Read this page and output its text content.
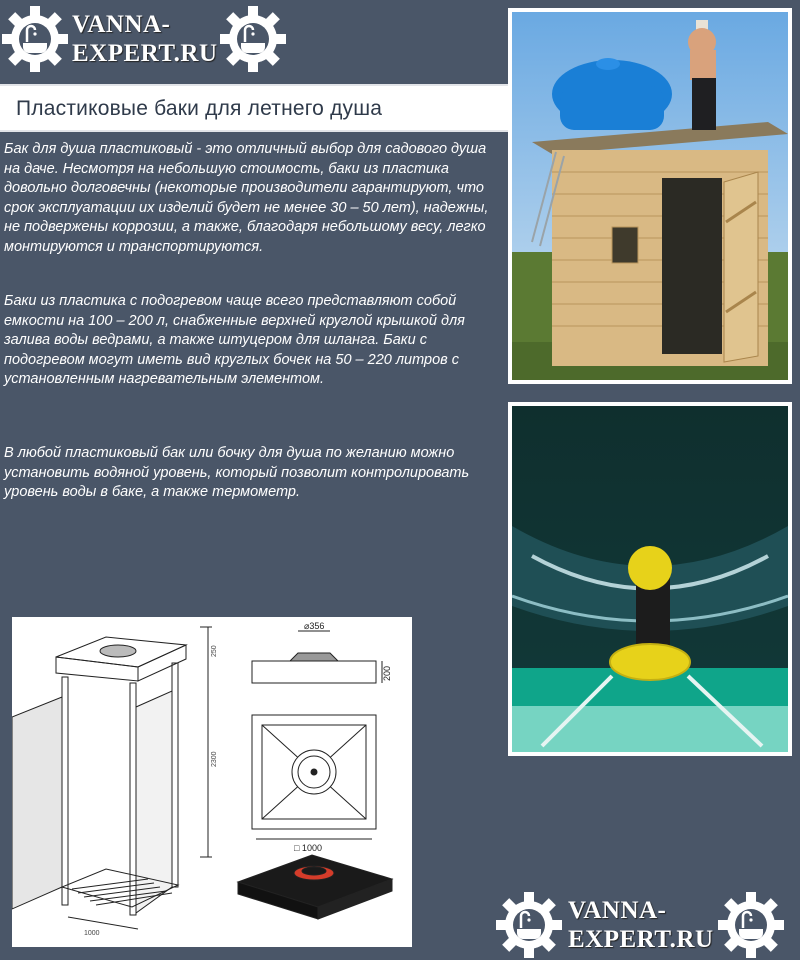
VANNA-
EXPERT.RU
Пластиковые баки для летнего душа

Бак для душа пластиковый - это отличный выбор для садового душа на даче. Несмотря на небольшую стоимость, баки из пластика довольно долговечны (некоторые производители гарантируют, что срок эксплуатации их изделий будет не менее 30 – 50 лет), надежны, не подвержены коррозии, а также, благодаря небольшому весу, легко монтируются и транспортируются.

Баки из пластика с подогревом чаще всего представляют собой емкости на 100 – 200 л, снабженные верхней круглой крышкой для залива воды ведрами, а также штуцером для шланга. Баки с подогревом могут иметь вид круглых бочек на 50 – 220 литров с установленным нагревательным элементом.

В любой пластиковый бак или бочку для душа по желанию можно установить водяной уровень, который позволит контролировать уровень воды в баке, а также термометр.

⌀356
200
□ 1000
2300
250
1000
VANNA-
EXPERT.RU
